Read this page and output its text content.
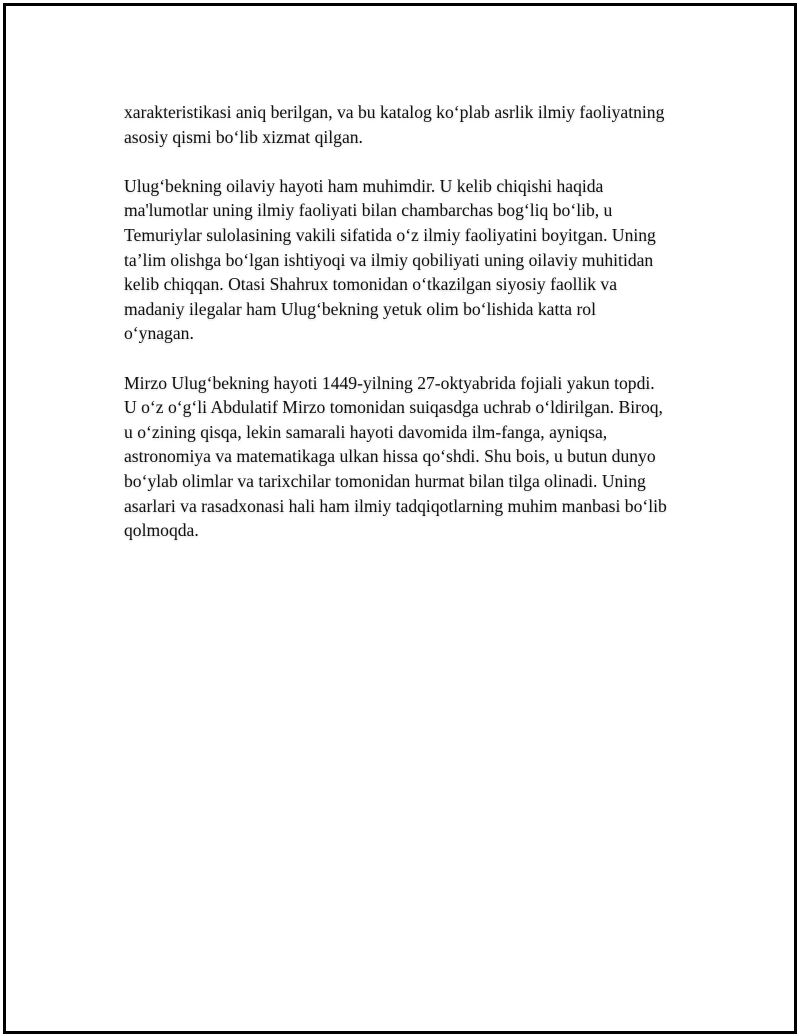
xarakteristikasi aniq berilgan, va bu katalog koʻplab asrlik ilmiy faoliyatning
asosiy qismi boʻlib xizmat qilgan.

Ulugʻbekning oilaviy hayoti ham muhimdir. U kelib chiqishi haqida
ma'lumotlar uning ilmiy faoliyati bilan chambarchas bogʻliq boʻlib, u
Temuriylar sulolasining vakili sifatida oʻz ilmiy faoliyatini boyitgan. Uning
ta’lim olishga boʻlgan ishtiyoqi va ilmiy qobiliyati uning oilaviy muhitidan
kelib chiqqan. Otasi Shahrux tomonidan oʻtkazilgan siyosiy faollik va
madaniy ilegalar ham Ulugʻbekning yetuk olim boʻlishida katta rol
oʻynagan.

Mirzo Ulugʻbekning hayoti 1449-yilning 27-oktyabrida fojiali yakun topdi.
U oʻz oʻgʻli Abdulatif Mirzo tomonidan suiqasdga uchrab oʻldirilgan. Biroq,
u oʻzining qisqa, lekin samarali hayoti davomida ilm-fanga, ayniqsa,
astronomiya va matematikaga ulkan hissa qoʻshdi. Shu bois, u butun dunyo
boʻylab olimlar va tarixchilar tomonidan hurmat bilan tilga olinadi. Uning
asarlari va rasadxonasi hali ham ilmiy tadqiqotlarning muhim manbasi boʻlib
qolmoqda.
